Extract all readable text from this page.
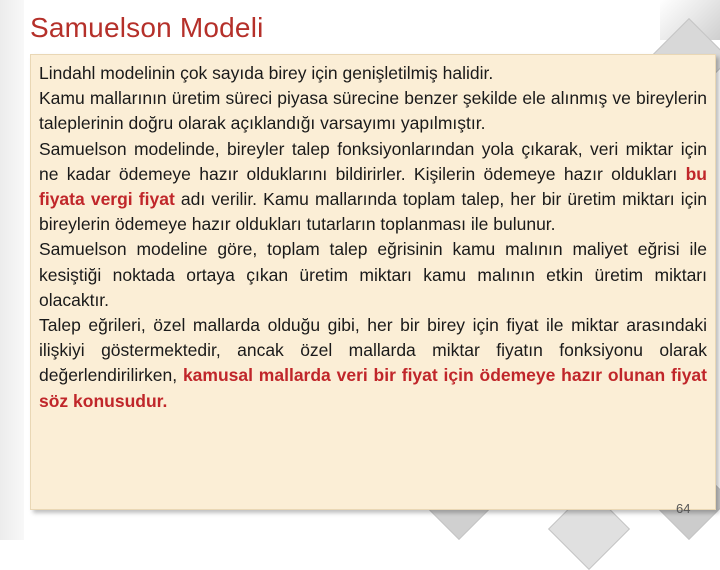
Samuelson Modeli

Lindahl modelinin çok sayıda birey için genişletilmiş halidir.

Kamu mallarının üretim süreci piyasa sürecine benzer şekilde ele alınmış ve bireylerin taleplerinin doğru olarak açıklandığı varsayımı yapılmıştır.

Samuelson modelinde, bireyler talep fonksiyonlarından yola çıkarak, veri miktar için ne kadar ödemeye hazır olduklarını bildirirler. Kişilerin ödemeye hazır oldukları bu fiyata vergi fiyat adı verilir. Kamu mallarında toplam talep, her bir üretim miktarı için bireylerin ödemeye hazır oldukları tutarların toplanması ile bulunur.

Samuelson modeline göre, toplam talep eğrisinin kamu malının maliyet eğrisi ile kesiştiği noktada ortaya çıkan üretim miktarı kamu malının etkin üretim miktarı olacaktır.

Talep eğrileri, özel mallarda olduğu gibi, her bir birey için fiyat ile miktar arasındaki ilişkiyi göstermektedir, ancak özel mallarda miktar fiyatın fonksiyonu olarak değerlendirilirken, kamusal mallarda veri bir fiyat için ödemeye hazır olunan fiyat söz konusudur.

64
